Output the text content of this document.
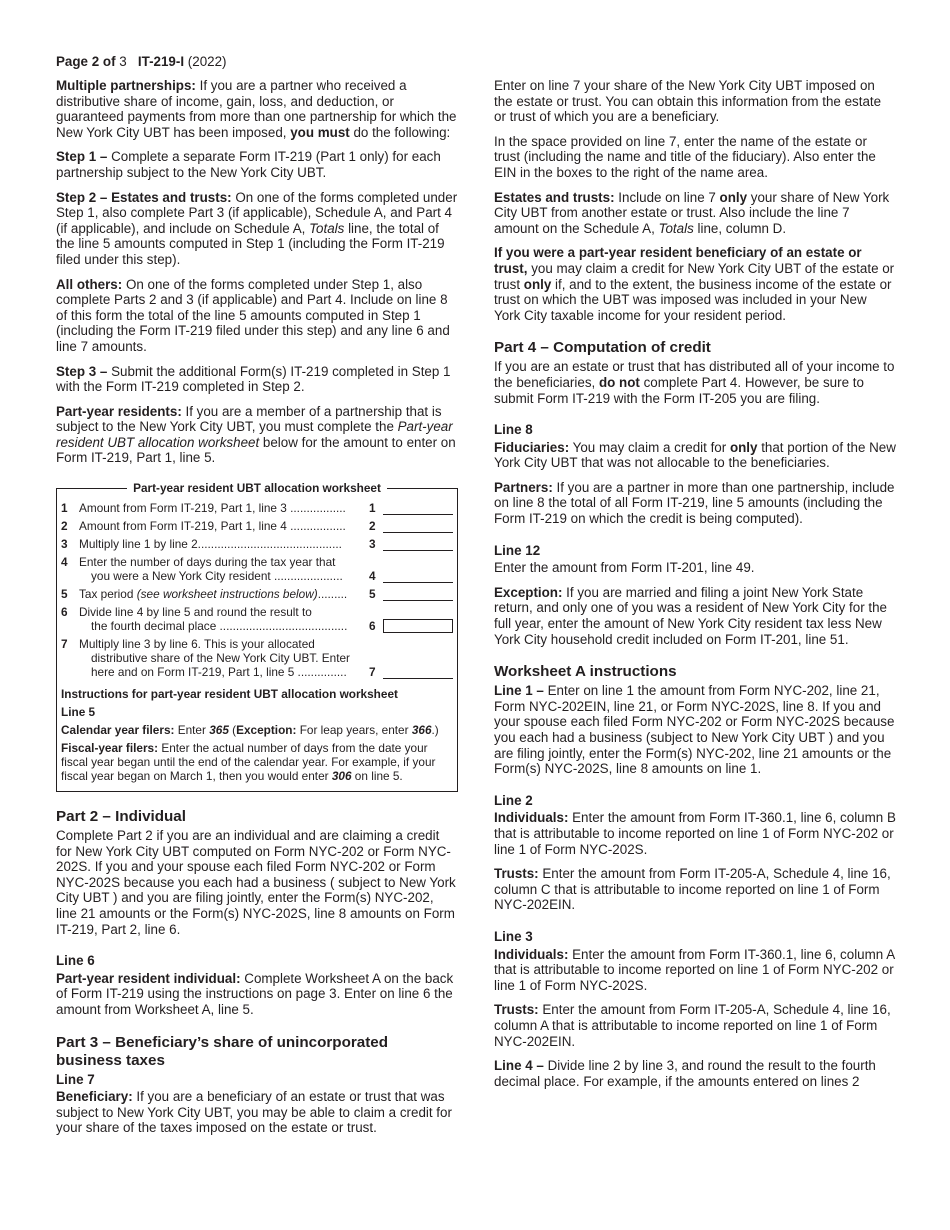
Page 2 of 3 IT-219-I (2022)

Multiple partnerships: If you are a partner who received a distributive share of income, gain, loss, and deduction, or guaranteed payments from more than one partnership for which the New York City UBT has been imposed, you must do the following:

Step 1 – Complete a separate Form IT-219 (Part 1 only) for each partnership subject to the New York City UBT.

Step 2 – Estates and trusts: On one of the forms completed under Step 1, also complete Part 3 (if applicable), Schedule A, and Part 4 (if applicable), and include on Schedule A, Totals line, the total of the line 5 amounts computed in Step 1 (including the Form IT-219 filed under this step).

All others: On one of the forms completed under Step 1, also complete Parts 2 and 3 (if applicable) and Part 4. Include on line 8 of this form the total of the line 5 amounts computed in Step 1 (including the Form IT-219 filed under this step) and any line 6 and line 7 amounts.

Step 3 – Submit the additional Form(s) IT-219 completed in Step 1 with the Form IT-219 completed in Step 2.

Part-year residents: If you are a member of a partnership that is subject to the New York City UBT, you must complete the Part-year resident UBT allocation worksheet below for the amount to enter on Form IT-219, Part 1, line 5.

Part-year resident UBT allocation worksheet
1 Amount from Form IT-219, Part 1, line 3 .................	1
2 Amount from Form IT-219, Part 1, line 4 .................	2
3 Multiply line 1 by line 2............................................	3
4 Enter the number of days during the tax year that
you were a New York City resident .....................	4
5 Tax period (see worksheet instructions below).........	5
6 Divide line 4 by line 5 and round the result to
the fourth decimal place .......................................	6
7 Multiply line 3 by line 6. This is your allocated
distributive share of the New York City UBT. Enter
here and on Form IT-219, Part 1, line 5 ...............	7

Instructions for part-year resident UBT allocation worksheet

Line 5

Calendar year filers: Enter 365 (Exception: For leap years, enter 366.)

Fiscal-year filers: Enter the actual number of days from the date your fiscal year began until the end of the calendar year. For example, if your fiscal year began on March 1, then you would enter 306 on line 5.

Part 2 – Individual

Complete Part 2 if you are an individual and are claiming a credit for New York City UBT computed on Form NYC-202 or Form NYC-202S. If you and your spouse each filed Form NYC-202 or Form NYC-202S because you each had a business ( subject to New York City UBT ) and you are filing jointly, enter the Form(s) NYC-202, line 21 amounts or the Form(s) NYC-202S, line 8 amounts on Form IT-219, Part 2, line 6.

Line 6

Part-year resident individual: Complete Worksheet A on the back of Form IT-219 using the instructions on page 3. Enter on line 6 the amount from Worksheet A, line 5.

Part 3 – Beneficiary’s share of unincorporated business taxes
Line 7

Beneficiary: If you are a beneficiary of an estate or trust that was subject to New York City UBT, you may be able to claim a credit for your share of the taxes imposed on the estate or trust.

Enter on line 7 your share of the New York City UBT imposed on the estate or trust. You can obtain this information from the estate or trust of which you are a beneficiary.

In the space provided on line 7, enter the name of the estate or trust (including the name and title of the fiduciary). Also enter the EIN in the boxes to the right of the name area.

Estates and trusts: Include on line 7 only your share of New York City UBT from another estate or trust. Also include the line 7 amount on the Schedule A, Totals line, column D.

If you were a part-year resident beneficiary of an estate or trust, you may claim a credit for New York City UBT of the estate or trust only if, and to the extent, the business income of the estate or trust on which the UBT was imposed was included in your New York City taxable income for your resident period.

Part 4 – Computation of credit

If you are an estate or trust that has distributed all of your income to the beneficiaries, do not complete Part 4. However, be sure to submit Form IT-219 with the Form IT-205 you are filing.

Line 8

Fiduciaries: You may claim a credit for only that portion of the New York City UBT that was not allocable to the beneficiaries.

Partners: If you are a partner in more than one partnership, include on line 8 the total of all Form IT-219, line 5 amounts (including the Form IT-219 on which the credit is being computed).

Line 12

Enter the amount from Form IT-201, line 49.

Exception: If you are married and filing a joint New York State return, and only one of you was a resident of New York City for the full year, enter the amount of New York City resident tax less New York City household credit included on Form IT-201, line 51.

Worksheet A instructions

Line 1 – Enter on line 1 the amount from Form NYC-202, line 21, Form NYC-202EIN, line 21, or Form NYC-202S, line 8. If you and your spouse each filed Form NYC-202 or Form NYC-202S because you each had a business (subject to New York City UBT ) and you are filing jointly, enter the Form(s) NYC-202, line 21 amounts or the Form(s) NYC-202S, line 8 amounts on line 1.

Line 2

Individuals: Enter the amount from Form IT-360.1, line 6, column B that is attributable to income reported on line 1 of Form NYC-202 or line 1 of Form NYC-202S.

Trusts: Enter the amount from Form IT-205-A, Schedule 4, line 16, column C that is attributable to income reported on line 1 of Form NYC-202EIN.

Line 3

Individuals: Enter the amount from Form IT-360.1, line 6, column A that is attributable to income reported on line 1 of Form NYC-202 or line 1 of Form NYC-202S.

Trusts: Enter the amount from Form IT-205-A, Schedule 4, line 16, column A that is attributable to income reported on line 1 of Form NYC-202EIN.

Line 4 – Divide line 2 by line 3, and round the result to the fourth decimal place. For example, if the amounts entered on lines 2
